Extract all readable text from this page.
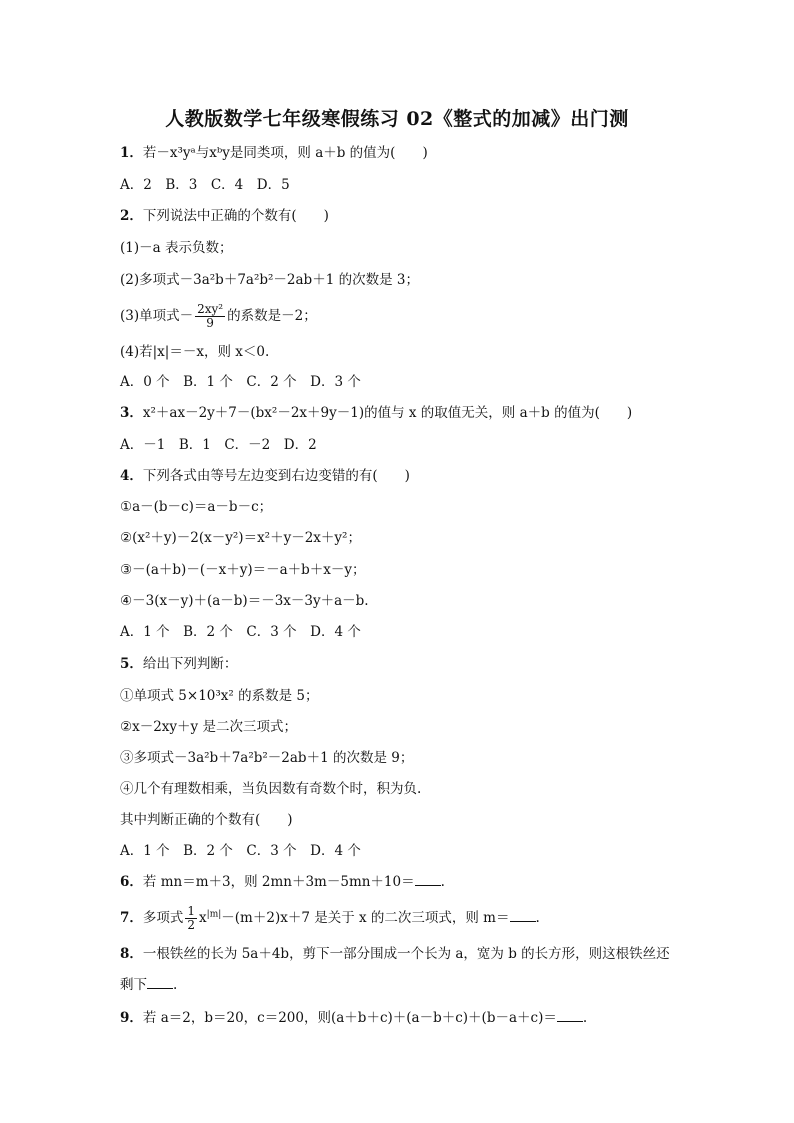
人教版数学七年级寒假练习 02《整式的加减》出门测
1．若－x³yᵃ与xᵇy是同类项，则 a＋b 的值为(　　)
A．2　B．3　C．4　D．5
2．下列说法中正确的个数有(　　)
(1)－a 表示负数；
(2)多项式－3a²b＋7a²b²－2ab＋1 的次数是 3；
(3)单项式－ $\frac{\text{2xy²}}{9}$ 的系数是－2；
(4)若|x|＝－x，则 x＜0.
A．0 个　B．1 个　C．2 个　D．3 个
3．x²＋ax－2y＋7－(bx²－2x＋9y－1)的值与 x 的取值无关，则 a＋b 的值为(　　)
A．－1　B．1　C．－2　D．2
4．下列各式由等号左边变到右边变错的有(　　)
①a－(b－c)＝a－b－c；
②(x²＋y)－2(x－y²)＝x²＋y－2x＋y²；
③－(a＋b)－(－x＋y)＝－a＋b＋x－y；
④－3(x－y)＋(a－b)＝－3x－3y＋a－b.
A．1 个　B．2 个　C．3 个　D．4 个
5．给出下列判断：
①单项式 5×10³x² 的系数是 5；
②x－2xy＋y 是二次三项式；
③多项式－3a²b＋7a²b²－2ab＋1 的次数是 9；
④几个有理数相乘，当负因数有奇数个时，积为负.
其中判断正确的个数有(　　)
A．1 个　B．2 个　C．3 个　D．4 个
6．若 mn＝m＋3，则 2mn＋3m－5mn＋10＝ .
7．多项式 $\frac{1}{2} x^{|m|}-(m+2)x+7$ 是关于 x 的二次三项式，则 m＝ .
8．一根铁丝的长为 5a＋4b，剪下一部分围成一个长为 a，宽为 b 的长方形，则这根铁丝还
剩下 .
9．若 a＝2，b＝20，c＝200，则(a＋b＋c)＋(a－b＋c)＋(b－a＋c)＝ .
